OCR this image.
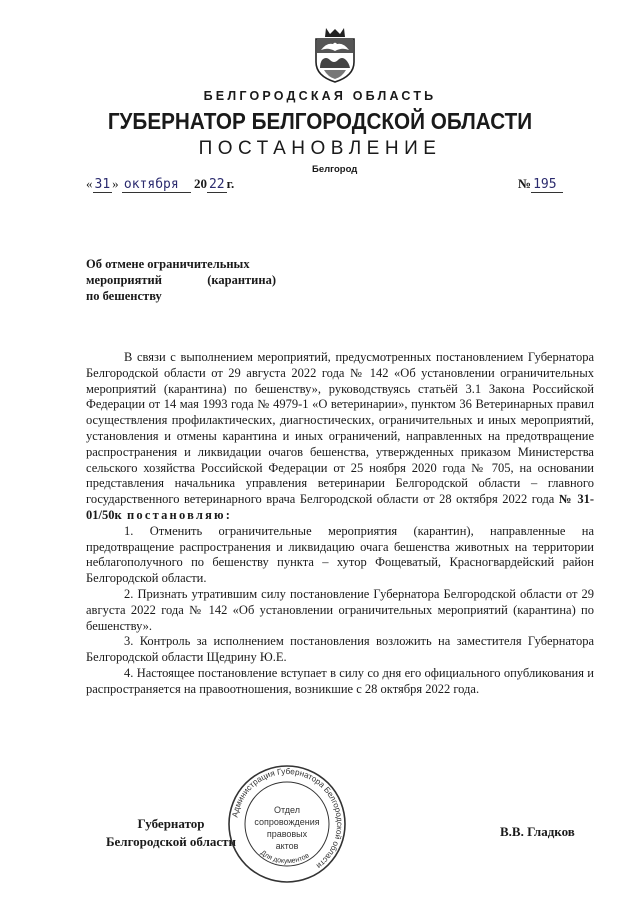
БЕЛГОРОДСКАЯ ОБЛАСТЬ
ГУБЕРНАТОР БЕЛГОРОДСКОЙ ОБЛАСТИ
ПОСТАНОВЛЕНИЕ
Белгород
« 31 » октября 20 22 г.	№ 195
Об отмене ограничительных
мероприятий	(карантина)
по бешенству

В связи с выполнением мероприятий, предусмотренных постановлением Губернатора Белгородской области от 29 августа 2022 года № 142 «Об установлении ограничительных мероприятий (карантина) по бешенству», руководствуясь статьёй 3.1 Закона Российской Федерации от 14 мая 1993 года № 4979-1 «О ветеринарии», пунктом 36 Ветеринарных правил осуществления профилактических, диагностических, ограничительных и иных мероприятий, установления и отмены карантина и иных ограничений, направленных на предотвращение распространения и ликвидации очагов бешенства, утвержденных приказом Министерства сельского хозяйства Российской Федерации от 25 ноября 2020 года № 705, на основании представления начальника управления ветеринарии Белгородской области – главного государственного ветеринарного врача Белгородской области от 28 октября 2022 года № 31-01/50к постановляю:

1. Отменить ограничительные мероприятия (карантин), направленные на предотвращение распространения и ликвидацию очага бешенства животных на территории неблагополучного по бешенству пункта – хутор Фощеватый, Красногвардейский район Белгородской области.

2. Признать утратившим силу постановление Губернатора Белгородской области от 29 августа 2022 года № 142 «Об установлении ограничительных мероприятий (карантина) по бешенству».

3. Контроль за исполнением постановления возложить на заместителя Губернатора Белгородской области Щедрину Ю.Е.

4. Настоящее постановление вступает в силу со дня его официального опубликования и распространяется на правоотношения, возникшие с 28 октября 2022 года.

Губернатор
Белгородской области
В.В. Гладков
Администрация Губернатора Белгородской области
Для документов
Отдел
сопровождения
правовых
актов
